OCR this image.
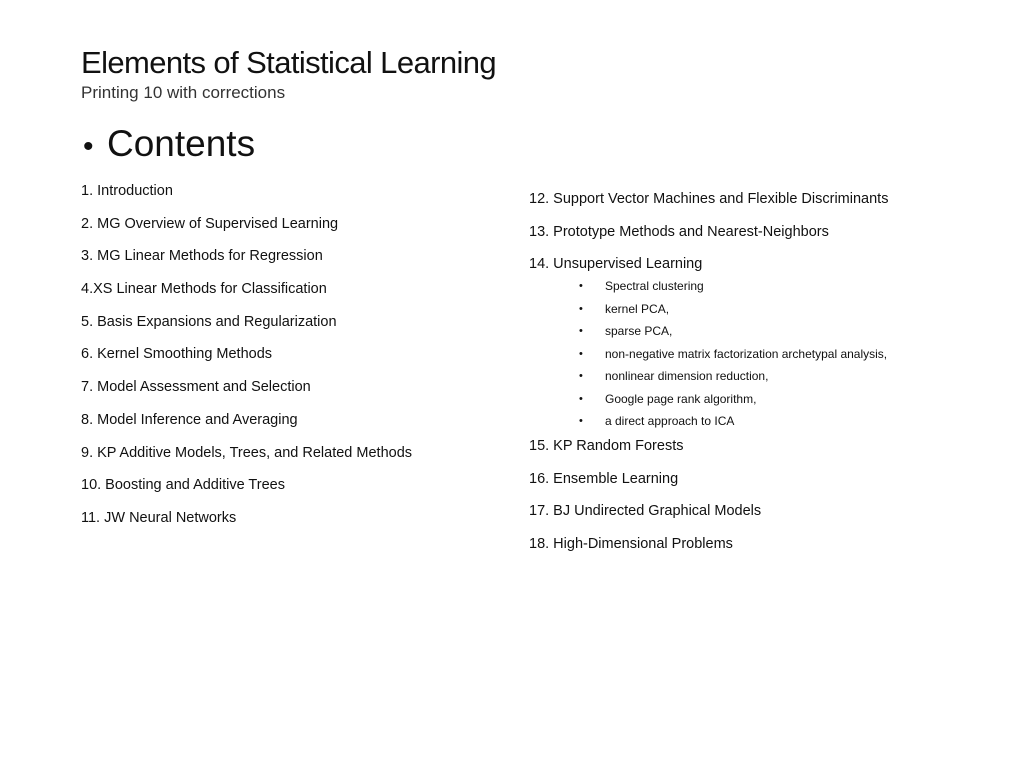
Elements of Statistical Learning
Printing 10 with corrections
• Contents
1. Introduction
2. MG Overview of Supervised Learning
3. MG Linear Methods for Regression
4.XS Linear Methods for Classification
5. Basis Expansions and Regularization
6. Kernel Smoothing Methods
7. Model Assessment and Selection
8. Model Inference and Averaging
9. KP Additive Models, Trees, and Related Methods
10. Boosting and Additive Trees
11. JW Neural Networks
12. Support Vector Machines and Flexible Discriminants
13. Prototype Methods and Nearest-Neighbors
14. Unsupervised Learning
• Spectral clustering
• kernel PCA,
• sparse PCA,
• non-negative matrix factorization archetypal analysis,
• nonlinear dimension reduction,
• Google page rank algorithm,
• a direct approach to ICA
15. KP Random Forests
16. Ensemble Learning
17. BJ Undirected Graphical Models
18. High-Dimensional Problems
